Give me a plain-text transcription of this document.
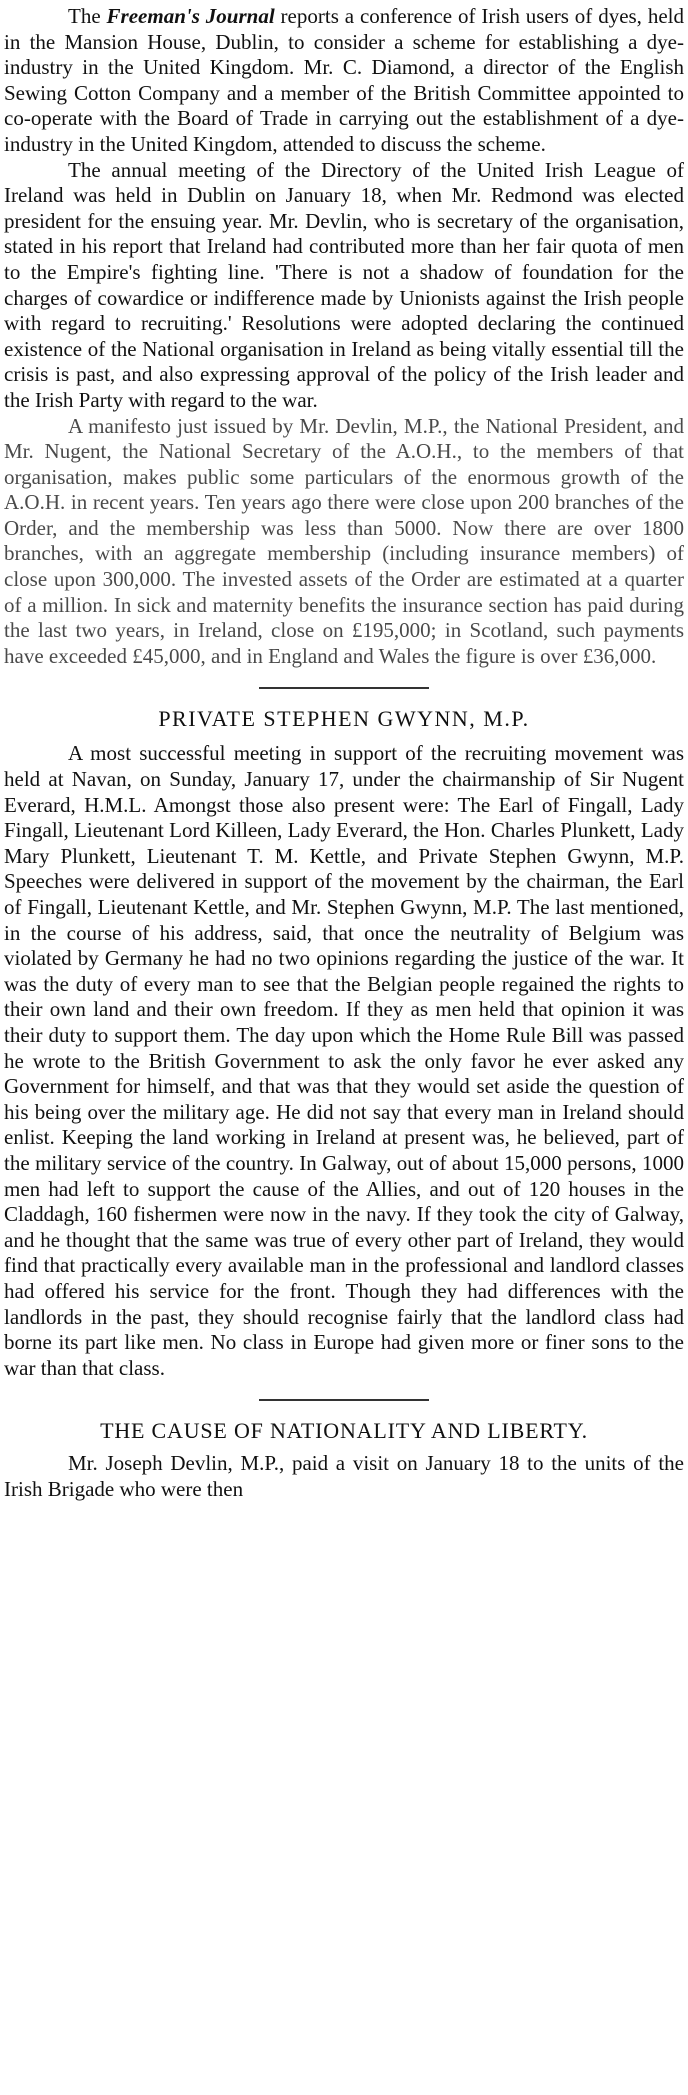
The Freeman's Journal reports a conference of Irish users of dyes, held in the Mansion House, Dublin, to consider a scheme for establishing a dye-industry in the United Kingdom. Mr. C. Diamond, a director of the English Sewing Cotton Company and a member of the British Committee appointed to co-operate with the Board of Trade in carrying out the establishment of a dye-industry in the United Kingdom, attended to discuss the scheme.

The annual meeting of the Directory of the United Irish League of Ireland was held in Dublin on January 18, when Mr. Redmond was elected president for the ensuing year. Mr. Devlin, who is secretary of the organisation, stated in his report that Ireland had contributed more than her fair quota of men to the Empire's fighting line. 'There is not a shadow of foundation for the charges of cowardice or indifference made by Unionists against the Irish people with regard to recruiting.' Resolutions were adopted declaring the continued existence of the National organisation in Ireland as being vitally essential till the crisis is past, and also expressing approval of the policy of the Irish leader and the Irish Party with regard to the war.

A manifesto just issued by Mr. Devlin, M.P., the National President, and Mr. Nugent, the National Secretary of the A.O.H., to the members of that organisation, makes public some particulars of the enormous growth of the A.O.H. in recent years. Ten years ago there were close upon 200 branches of the Order, and the membership was less than 5000. Now there are over 1800 branches, with an aggregate membership (including insurance members) of close upon 300,000. The invested assets of the Order are estimated at a quarter of a million. In sick and maternity benefits the insurance section has paid during the last two years, in Ireland, close on £195,000; in Scotland, such payments have exceeded £45,000, and in England and Wales the figure is over £36,000.

PRIVATE STEPHEN GWYNN, M.P.

A most successful meeting in support of the recruiting movement was held at Navan, on Sunday, January 17, under the chairmanship of Sir Nugent Everard, H.M.L. Amongst those also present were: The Earl of Fingall, Lady Fingall, Lieutenant Lord Killeen, Lady Everard, the Hon. Charles Plunkett, Lady Mary Plunkett, Lieutenant T. M. Kettle, and Private Stephen Gwynn, M.P. Speeches were delivered in support of the movement by the chairman, the Earl of Fingall, Lieutenant Kettle, and Mr. Stephen Gwynn, M.P. The last mentioned, in the course of his address, said, that once the neutrality of Belgium was violated by Germany he had no two opinions regarding the justice of the war. It was the duty of every man to see that the Belgian people regained the rights to their own land and their own freedom. If they as men held that opinion it was their duty to support them. The day upon which the Home Rule Bill was passed he wrote to the British Government to ask the only favor he ever asked any Government for himself, and that was that they would set aside the question of his being over the military age. He did not say that every man in Ireland should enlist. Keeping the land working in Ireland at present was, he believed, part of the military service of the country. In Galway, out of about 15,000 persons, 1000 men had left to support the cause of the Allies, and out of 120 houses in the Claddagh, 160 fishermen were now in the navy. If they took the city of Galway, and he thought that the same was true of every other part of Ireland, they would find that practically every available man in the professional and landlord classes had offered his service for the front. Though they had differences with the landlords in the past, they should recognise fairly that the landlord class had borne its part like men. No class in Europe had given more or finer sons to the war than that class.

THE CAUSE OF NATIONALITY AND LIBERTY.

Mr. Joseph Devlin, M.P., paid a visit on January 18 to the units of the Irish Brigade who were then
